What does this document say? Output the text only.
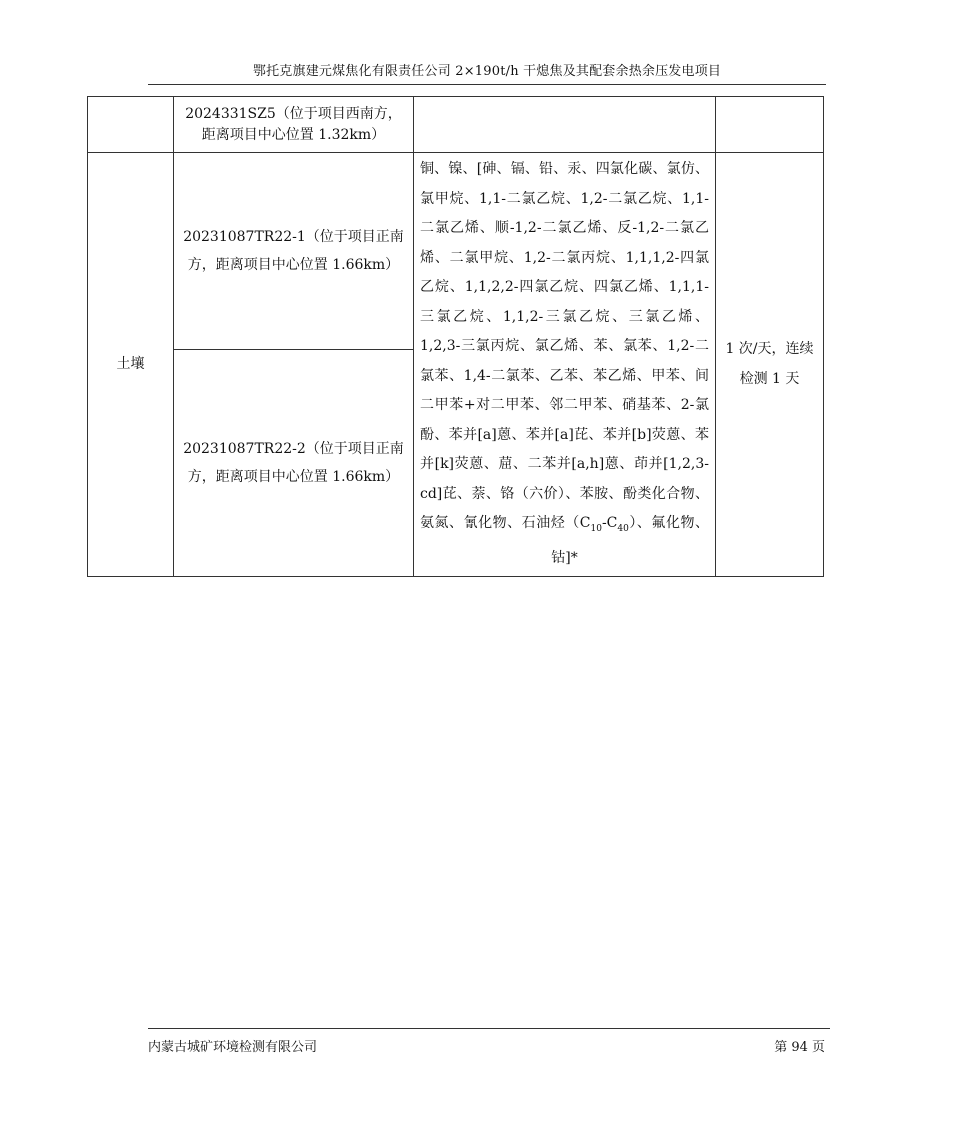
鄂托克旗建元煤焦化有限责任公司 2×190t/h 干熄焦及其配套余热余压发电项目

	2024331SZ5（位于项目西南方，距离项目中心位置 1.32km）		

土壤	20231087TR22-1（位于项目正南方，距离项目中心位置 1.66km）	铜、镍、[砷、镉、铅、汞、四氯化碳、氯仿、氯甲烷、1,1-二氯乙烷、1,2-二氯乙烷、1,1-二氯乙烯、顺-1,2-二氯乙烯、反-1,2-二氯乙烯、二氯甲烷、1,2-二氯丙烷、1,1,1,2-四氯乙烷、1,1,2,2-四氯乙烷、四氯乙烯、1,1,1-三氯乙烷、1,1,2-三氯乙烷、三氯乙烯、1,2,3-三氯丙烷、氯乙烯、苯、氯苯、1,2-二氯苯、1,4-二氯苯、乙苯、苯乙烯、甲苯、间二甲苯+对二甲苯、邻二甲苯、硝基苯、2-氯酚、苯并[a]蒽、苯并[a]芘、苯并[b]荧蒽、苯并[k]荧蒽、䓛、二苯并[a,h]蒽、茚并[1,2,3-cd]芘、萘、铬（六价）、苯胺、酚类化合物、氨氮、氰化物、石油烃$(C_{10}-C_{40})$、氟化物、钴]*	1 次/天，连续检测 1 天

	20231087TR22-2（位于项目正南方，距离项目中心位置 1.66km）		
内蒙古城矿环境检测有限公司	第 94 页
